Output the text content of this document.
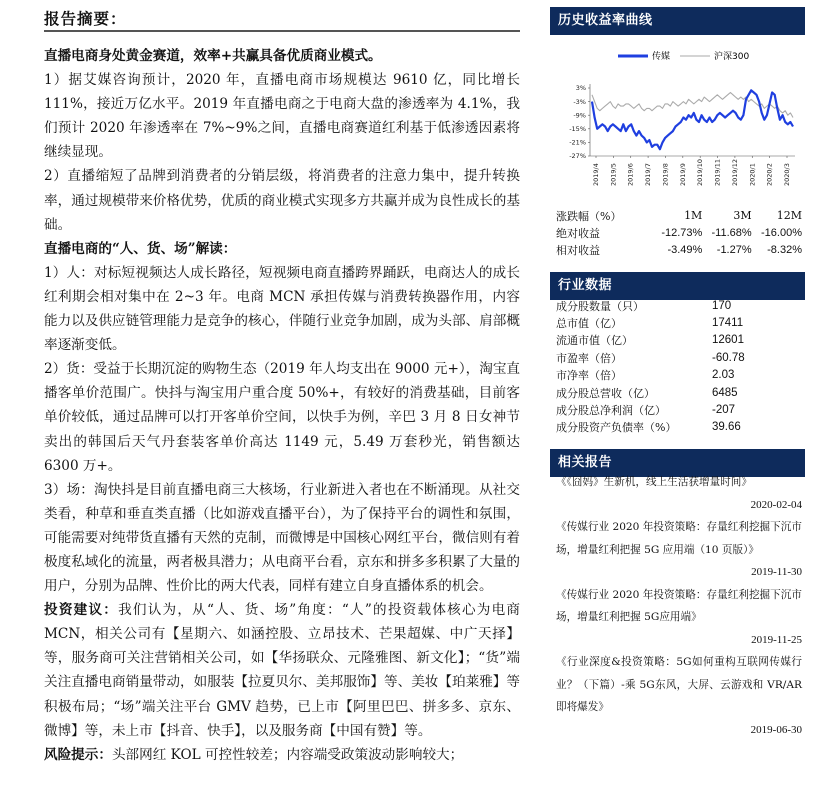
报告摘要：

直播电商身处黄金赛道，效率+共赢具备优质商业模式。

1）据艾媒咨询预计，2020 年，直播电商市场规模达 9610 亿，同比增长 111%，接近万亿水平。2019 年直播电商之于电商大盘的渗透率为 4.1%，我们预计 2020 年渗透率在 7%~9%之间，直播电商赛道红利基于低渗透因素将继续显现。

2）直播缩短了品牌到消费者的分销层级，将消费者的注意力集中，提升转换率，通过规模带来价格优势，优质的商业模式实现多方共赢并成为良性成长的基础。

直播电商的“人、货、场”解读：

1）人：对标短视频达人成长路径，短视频电商直播跨界踊跃，电商达人的成长红利期会相对集中在 2~3 年。电商 MCN 承担传媒与消费转换器作用，内容能力以及供应链管理能力是竞争的核心，伴随行业竞争加剧，成为头部、肩部概率逐渐变低。

2）货：受益于长期沉淀的购物生态（2019 年人均支出在 9000 元+），淘宝直播客单价范围广。快抖与淘宝用户重合度 50%+，有较好的消费基础，目前客单价较低，通过品牌可以打开客单价空间，以快手为例，辛巴 3 月 8 日女神节卖出的韩国后天气丹套装客单价高达 1149 元，5.49 万套秒光，销售额达 6300 万+。

3）场：淘快抖是目前直播电商三大核场，行业新进入者也在不断涌现。从社交类看，种草和垂直类直播（比如游戏直播平台），为了保持平台的调性和氛围，可能需要对纯带货直播有天然的克制，而微博是中国核心网红平台，微信则有着极度私域化的流量，两者极具潜力；从电商平台看，京东和拼多多积累了大量的用户，分别为品牌、性价比的两大代表，同样有建立自身直播体系的机会。

投资建议：我们认为，从“人、货、场”角度：“人”的投资载体核心为电商 MCN，相关公司有【星期六、如涵控股、立昂技术、芒果超媒、中广天择】等，服务商可关注营销相关公司，如【华扬联众、元隆雅图、新文化】；“货”端关注直播电商销量带动，如服装【拉夏贝尔、美邦服饰】等、美妆【珀莱雅】等积极布局；“场”端关注平台 GMV 趋势，已上市【阿里巴巴、拼多多、京东、微博】等，未上市【抖音、快手】，以及服务商【中国有赞】等。

风险提示：头部网红 KOL 可控性较差；内容端受政策波动影响较大；

历史收益率曲线
传媒	沪深300
3%
-3%
-9%
-15%
-21%
-27%
2019/4 2019/5 2019/6 2019/7 2019/8 2019/9 2019/10 2019/11 2019/12 2020/1 2020/2 2020/3
涨跌幅（%）	1M	3M	12M
绝对收益	-12.73%	-11.68%	-16.00%
相对收益	-3.49%	-1.27%	-8.32%
行业数据
成分股数量（只）	170
总市值（亿）	17411
流通市值（亿）	12601
市盈率（倍）	-60.78
市净率（倍）	2.03
成分股总营收（亿）	6485
成分股总净利润（亿）	-207
成分股资产负债率（%）	39.66
相关报告
《《囧妈》生新机，线上生活获增量时间》
2020-02-04
《传媒行业 2020 年投资策略：存量红利挖掘下沉市场，增量红利把握 5G 应用端（10 页版）》
2019-11-30
《传媒行业 2020 年投资策略：存量红利挖掘下沉市场，增量红利把握 5G应用端》
2019-11-25
《行业深度&投资策略：5G如何重构互联网传媒行业？（下篇）-乘 5G东风，大屏、云游戏和 VR/AR即将爆发》
2019-06-30
